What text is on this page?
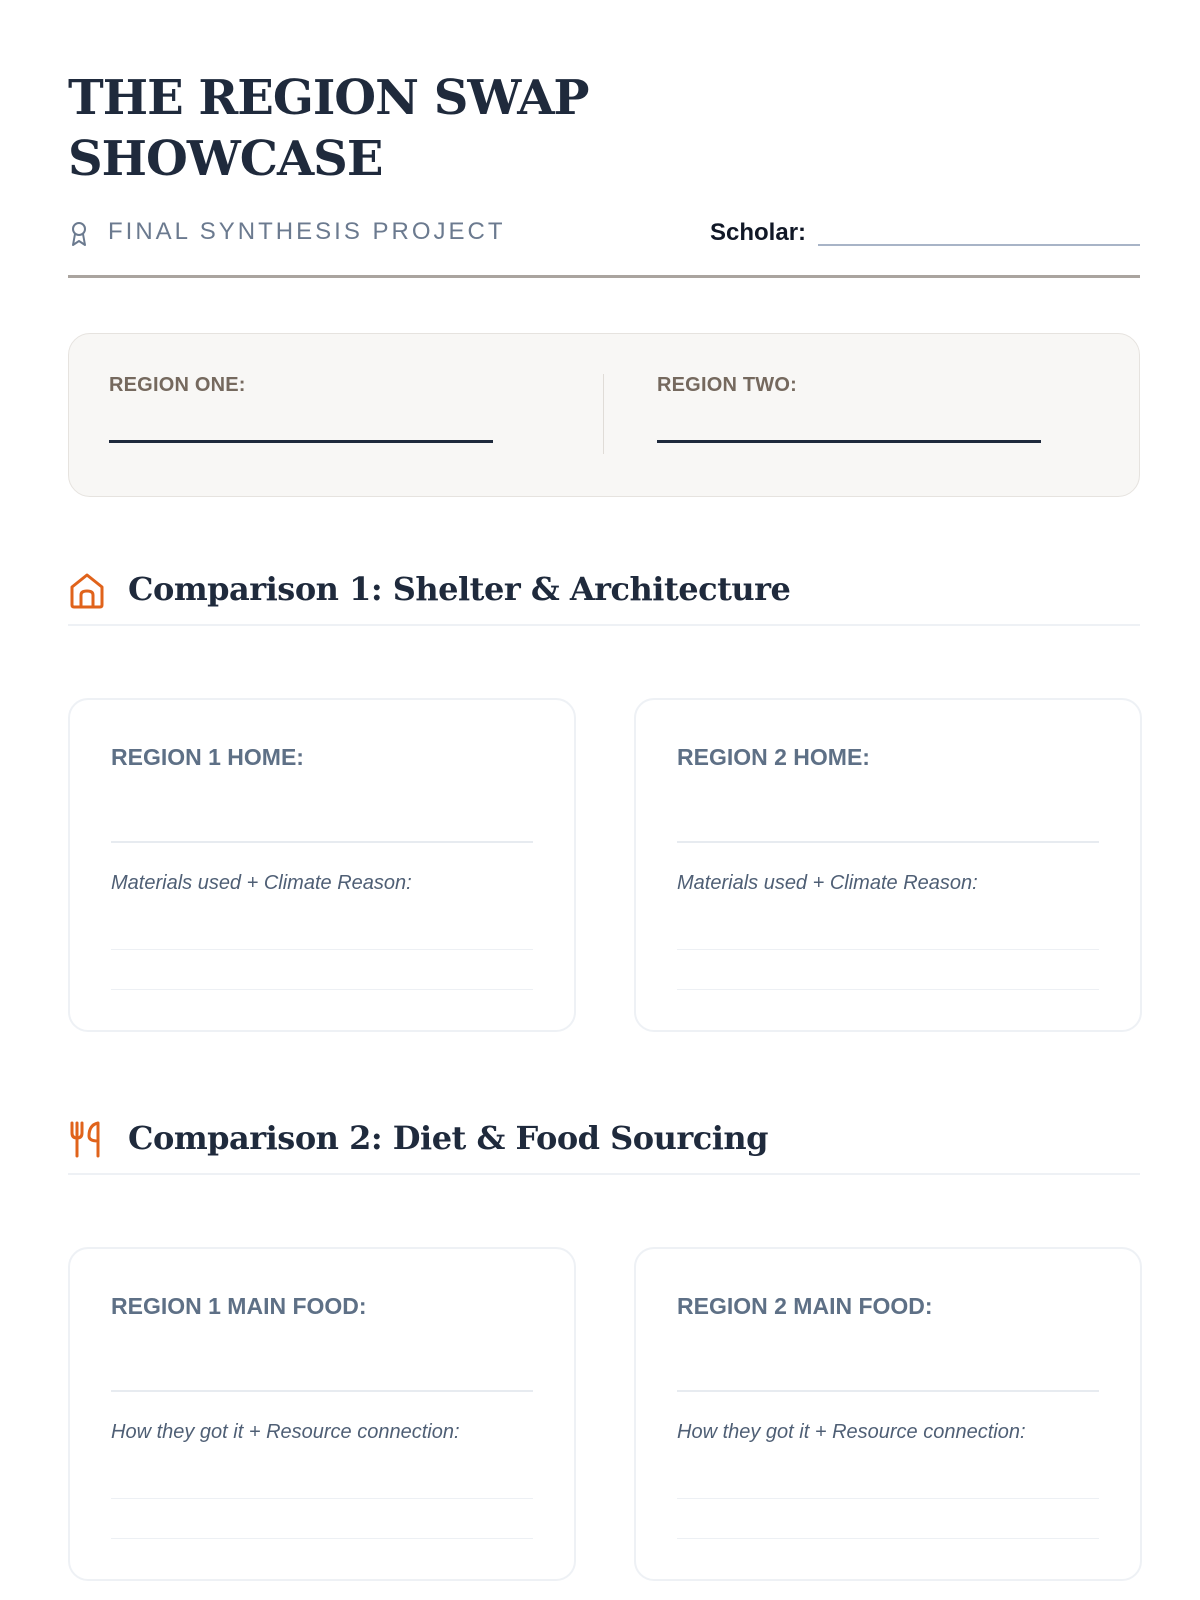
THE REGION SWAP SHOWCASE
FINAL SYNTHESIS PROJECT	Scholar:
REGION ONE:	REGION TWO:
Comparison 1: Shelter & Architecture
REGION 1 HOME:
Materials used + Climate Reason:
REGION 2 HOME:
Materials used + Climate Reason:
Comparison 2: Diet & Food Sourcing
REGION 1 MAIN FOOD:
How they got it + Resource connection:
REGION 2 MAIN FOOD:
How they got it + Resource connection:
